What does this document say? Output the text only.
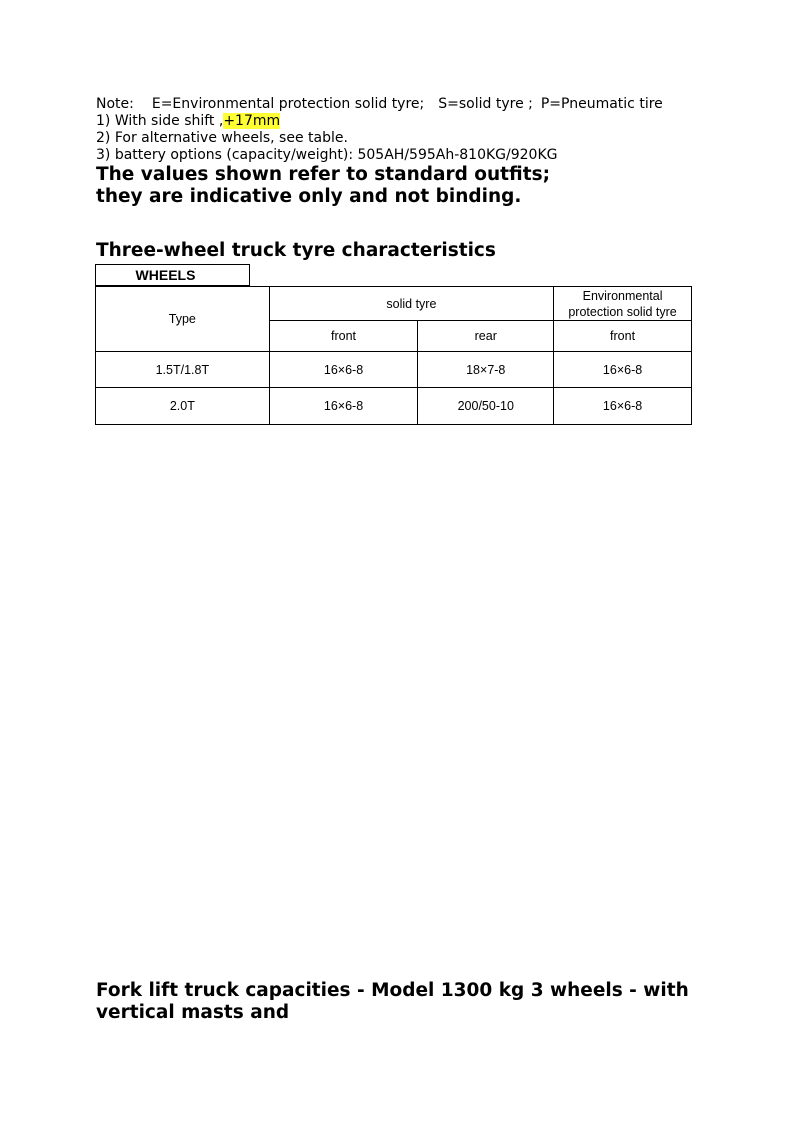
Note: E=Environmental protection solid tyre; S=solid tyre ; P=Pneumatic tire
1) With side shift ,+17mm
2) For alternative wheels, see table.
3) battery options (capacity/weight): 505AH/595Ah-810KG/920KG
The values shown refer to standard outfits;
they are indicative only and not binding.
Three-wheel truck tyre characteristics
WHEELS
Type	solid tyre		Environmental
protection solid tyre
	front	rear	front
1.5T/1.8T	16×6-8	18×7-8	16×6-8
2.0T	16×6-8	200/50-10	16×6-8
Fork lift truck capacities - Model 1300 kg 3 wheels - with
vertical masts and
